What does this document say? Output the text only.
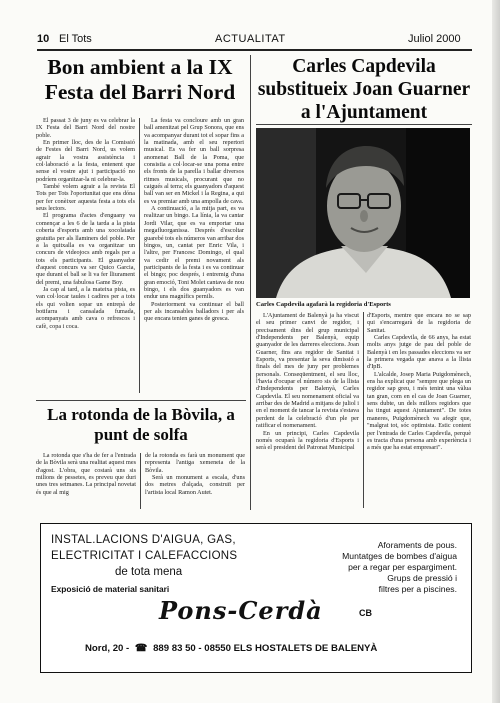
10 El Tots	ACTUALITAT	Juliol 2000
Bon ambient a la IX Festa del Barri Nord

El passat 3 de juny es va celebrar la IX Festa del Barri Nord del nostre poble.

En primer lloc, des de la Comissió de Festes del Barri Nord, us volem agrair la vostra assistència i col·laboració a la festa, entenent que sense el vostre ajut i participació no podríem organitzar-la ni celebrar-la.

També volem agrair a la revista El Tots per Tots l'oportunitat que ens dóna per fer conèixer aquesta festa a tots els seus lectors.

El programa d'actes d'enguany va començar a les 6 de la tarda a la pista coberta d'esports amb una xocolatada gratuïta per als llaminers del poble. Per a la quitxalla es va organitzar un concurs de videojocs amb regals per a tots els participants. El guanyador d'aquest concurs va ser Quico Garcia, que durant el ball se li va fer lliurament del premi, una fabulosa Game Boy.

Ja cap al tard, a la mateixa pista, es van col·locar taules i cadires per a tots els qui volien sopar un entrepà de botifarra i cansalada fumada, acompanyats amb cava o refrescos i cafè, copa i coca.

La festa va concloure amb un gran ball amenitzat pel Grup Sonora, que ens va acompanyar durant tot el sopar fins a la matinada, amb el seu repertori musical. Es va fer un ball sorpresa anomenat Ball de la Poma, que consistia a col·locar-se una poma entre els fronts de la parella i ballar diversos ritmes musicals, procurant que no caigués al terra; els guanyadors d'aquest ball van ser en Mickel i la Regina, a qui es va premiar amb una ampolla de cava.

A continuació, a la mitja part, es va realitzar un bingo. La línia, la va cantar Jordi Vilar, que es va emportar una megafluorganissa. Després d'escoltar guarebé tots els números van arribar dos bingos, un, cantat per Enric Vila, i l'altre, per Francesc Domingo, el qual va cedir el premi novament als participants de la festa i es va continuar el bingo; poc després, i entremig d'una gran emoció, Toni Molet cantava de nou bingo, i els dos guanyadors es van endur uns magnífics pernils.

Posteriorment va continuar el ball per als incansables balladors i per als que encara tenien ganes de gresca.

Carles Capdevila substitueix Joan Guarner a l'Ajuntament
Carles Capdevila agafarà la regidoria d'Esports

L'Ajuntament de Balenyà ja ha viscut el seu primer canvi de regidor, i precisament dins del grup municipal d'Independents per Balenyà, equip guanyador de les darreres eleccions. Joan Guarner, fins ara regidor de Sanitat i Esports, va presentar la seva dimissió a finals del mes de juny per problemes personals. Conseqüentment, el seu lloc, l'havia d'ocupar el número sis de la llista d'Independents per Balenyà, Carles Capdevila. El seu nomenament oficial va arribar des de Madrid a mitjans de juliol i en el moment de tancar la revista s'estava perdent de la celebració d'un ple per ratificar el nomenament.

En un principi, Carles Capdevila només ocuparà la regidoria d'Esports i serà el president del Patronat Municipal

d'Esports, mentre que encara no se sap qui s'encarregarà de la regidoria de Sanitat.

Carles Capdevila, de 66 anys, ha estat molts anys jutge de pau del poble de Balenyà i en les passades eleccions va ser la primera vegada que anava a la llista d'IpB.

L'alcalde, Josep Maria Puigdomènech, ens ha explicat que "sempre que plega un regidor sap greu, i més tenint una vàlua tan gran, com en el cas de Joan Guarner, sens dubte, un dels millors regidors que ha tingut aquest Ajuntament". De totes maneres, Puigdomènech va afegir que, "malgrat tot, sóc optimista. Estic content per l'entrada de Carles Capdevila, perquè es tracta d'una persona amb experiència i a més que ha estat empresari".

La rotonda de la Bòvila, a punt de solfa

La rotonda que s'ha de fer a l'entrada de la Bòvila serà una realitat aquest mes d'agost. L'obra, que costarà uns sis milions de pessetes, es preveu que duri unes tres setmanes. La principal novetat és que al mig

de la rotonda es farà un monument que representa l'antiga xemeneia de la Bòvila.

Serà un monument a escala, d'uns dos metres d'alçada, construït per l'artista local Ramon Autet.

INSTAL.LACIONS D'AIGUA, GAS,
ELECTRICITAT I CALEFACCIONS
de tota mena
Exposició de material sanitari
Aforaments de pous.
Muntatges de bombes d'aigua
per a regar per espargiment.
Grups de pressió i
filtres per a piscines.
Pons-Cerdà	CB
Nord, 20 - ☎ 889 83 50 - 08550 ELS HOSTALETS DE BALENYÀ
